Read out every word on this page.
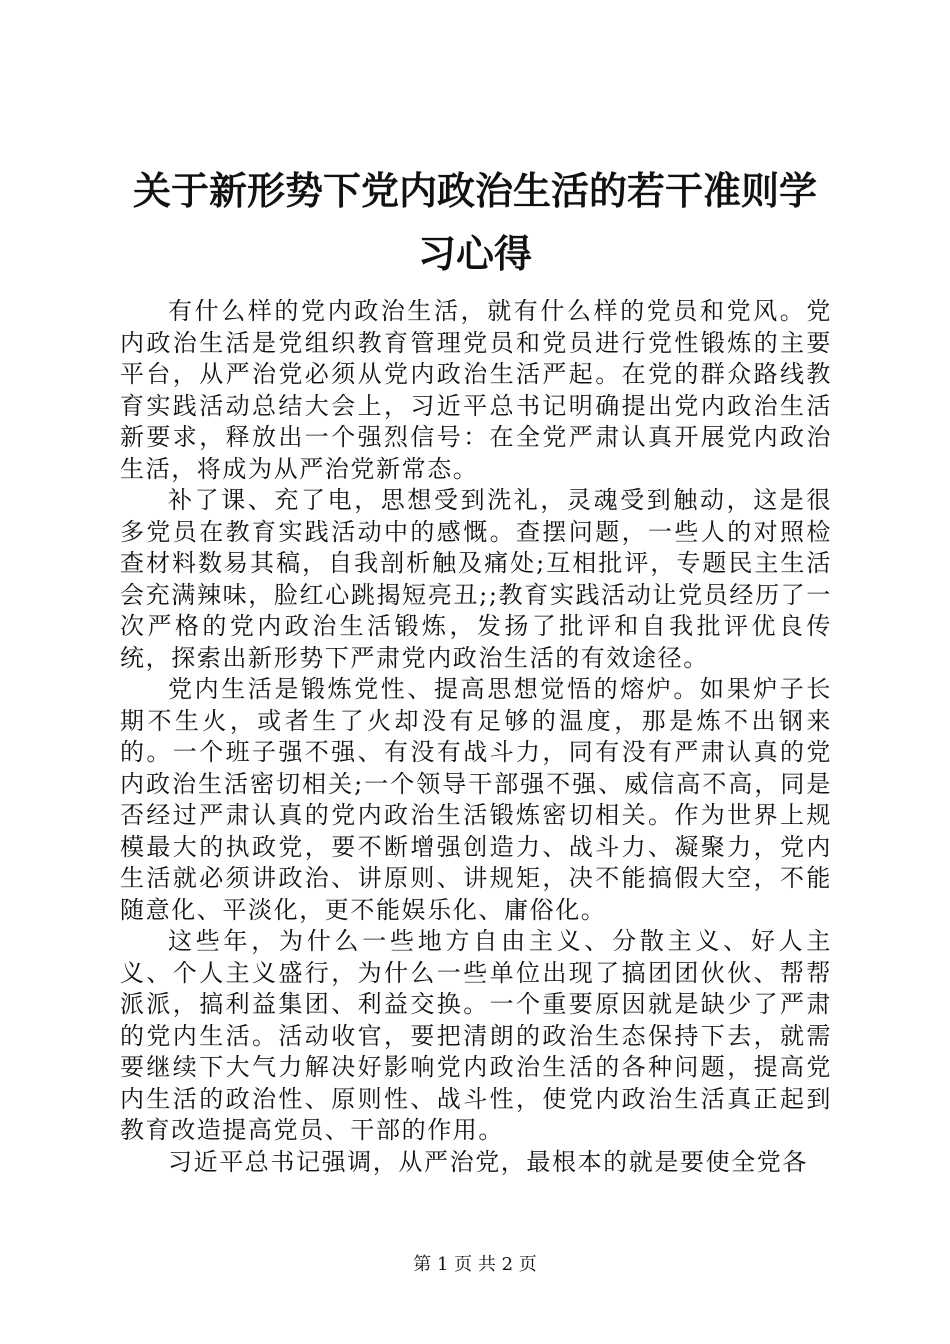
关于新形势下党内政治生活的若干准则学习心得

有什么样的党内政治生活，就有什么样的党员和党风。党内政治生活是党组织教育管理党员和党员进行党性锻炼的主要平台，从严治党必须从党内政治生活严起。在党的群众路线教育实践活动总结大会上，习近平总书记明确提出党内政治生活新要求，释放出一个强烈信号：在全党严肃认真开展党内政治生活，将成为从严治党新常态。

补了课、充了电，思想受到洗礼，灵魂受到触动，这是很多党员在教育实践活动中的感慨。查摆问题，一些人的对照检查材料数易其稿，自我剖析触及痛处;互相批评，专题民主生活会充满辣味，脸红心跳揭短亮丑;;教育实践活动让党员经历了一次严格的党内政治生活锻炼，发扬了批评和自我批评优良传统，探索出新形势下严肃党内政治生活的有效途径。

党内生活是锻炼党性、提高思想觉悟的熔炉。如果炉子长期不生火，或者生了火却没有足够的温度，那是炼不出钢来的。一个班子强不强、有没有战斗力，同有没有严肃认真的党内政治生活密切相关;一个领导干部强不强、威信高不高，同是否经过严肃认真的党内政治生活锻炼密切相关。作为世界上规模最大的执政党，要不断增强创造力、战斗力、凝聚力，党内生活就必须讲政治、讲原则、讲规矩，决不能搞假大空，不能随意化、平淡化，更不能娱乐化、庸俗化。

这些年，为什么一些地方自由主义、分散主义、好人主义、个人主义盛行，为什么一些单位出现了搞团团伙伙、帮帮派派，搞利益集团、利益交换。一个重要原因就是缺少了严肃的党内生活。活动收官，要把清朗的政治生态保持下去，就需要继续下大气力解决好影响党内政治生活的各种问题，提高党内生活的政治性、原则性、战斗性，使党内政治生活真正起到教育改造提高党员、干部的作用。

习近平总书记强调，从严治党，最根本的就是要使全党各

第 1 页 共 2 页
